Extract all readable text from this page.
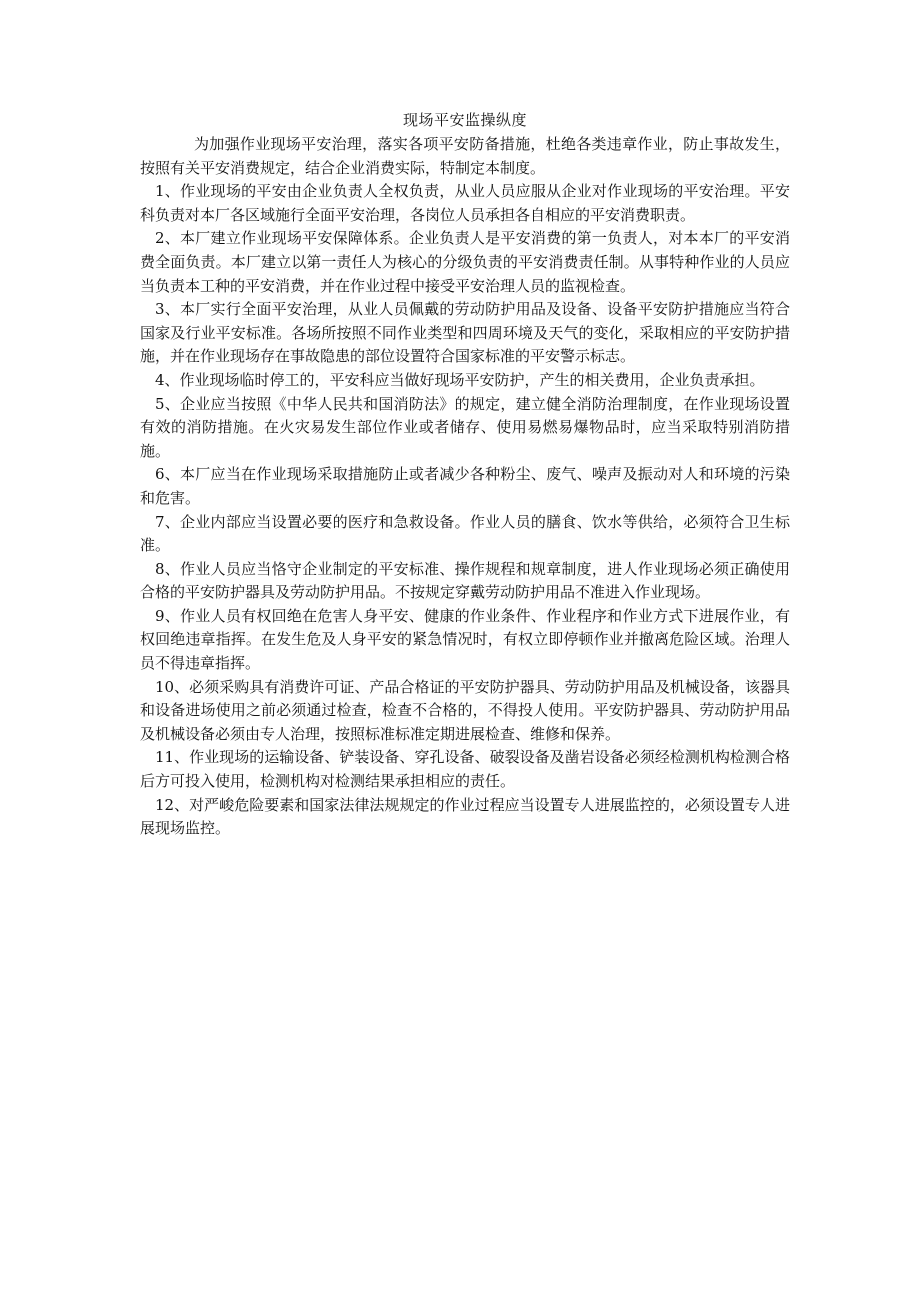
现场平安监操纵度

为加强作业现场平安治理，落实各项平安防备措施，杜绝各类违章作业，防止事故发生，按照有关平安消费规定，结合企业消费实际，特制定本制度。

1、作业现场的平安由企业负责人全权负责，从业人员应服从企业对作业现场的平安治理。平安科负责对本厂各区域施行全面平安治理，各岗位人员承担各自相应的平安消费职责。

2、本厂建立作业现场平安保障体系。企业负责人是平安消费的第一负责人，对本本厂的平安消费全面负责。本厂建立以第一责任人为核心的分级负责的平安消费责任制。从事特种作业的人员应当负责本工种的平安消费，并在作业过程中接受平安治理人员的监视检查。

3、本厂实行全面平安治理，从业人员佩戴的劳动防护用品及设备、设备平安防护措施应当符合国家及行业平安标准。各场所按照不同作业类型和四周环境及天气的变化，采取相应的平安防护措施，并在作业现场存在事故隐患的部位设置符合国家标准的平安警示标志。

4、作业现场临时停工的，平安科应当做好现场平安防护，产生的相关费用，企业负责承担。

5、企业应当按照《中华人民共和国消防法》的规定，建立健全消防治理制度，在作业现场设置有效的消防措施。在火灾易发生部位作业或者储存、使用易燃易爆物品时，应当采取特别消防措施。

6、本厂应当在作业现场采取措施防止或者减少各种粉尘、废气、噪声及振动对人和环境的污染和危害。

7、企业内部应当设置必要的医疗和急救设备。作业人员的膳食、饮水等供给，必须符合卫生标准。

8、作业人员应当恪守企业制定的平安标准、操作规程和规章制度，进人作业现场必须正确使用合格的平安防护器具及劳动防护用品。不按规定穿戴劳动防护用品不准进入作业现场。

9、作业人员有权回绝在危害人身平安、健康的作业条件、作业程序和作业方式下进展作业，有权回绝违章指挥。在发生危及人身平安的紧急情况时，有权立即停顿作业并撤离危险区域。治理人员不得违章指挥。

10、必须采购具有消费许可证、产品合格证的平安防护器具、劳动防护用品及机械设备，该器具和设备进场使用之前必须通过检查，检查不合格的，不得投人使用。平安防护器具、劳动防护用品及机械设备必须由专人治理，按照标准标准定期进展检查、维修和保养。

11、作业现场的运输设备、铲装设备、穿孔设备、破裂设备及凿岩设备必须经检测机构检测合格后方可投入使用，检测机构对检测结果承担相应的责任。

12、对严峻危险要素和国家法律法规规定的作业过程应当设置专人进展监控的，必须设置专人进展现场监控。
